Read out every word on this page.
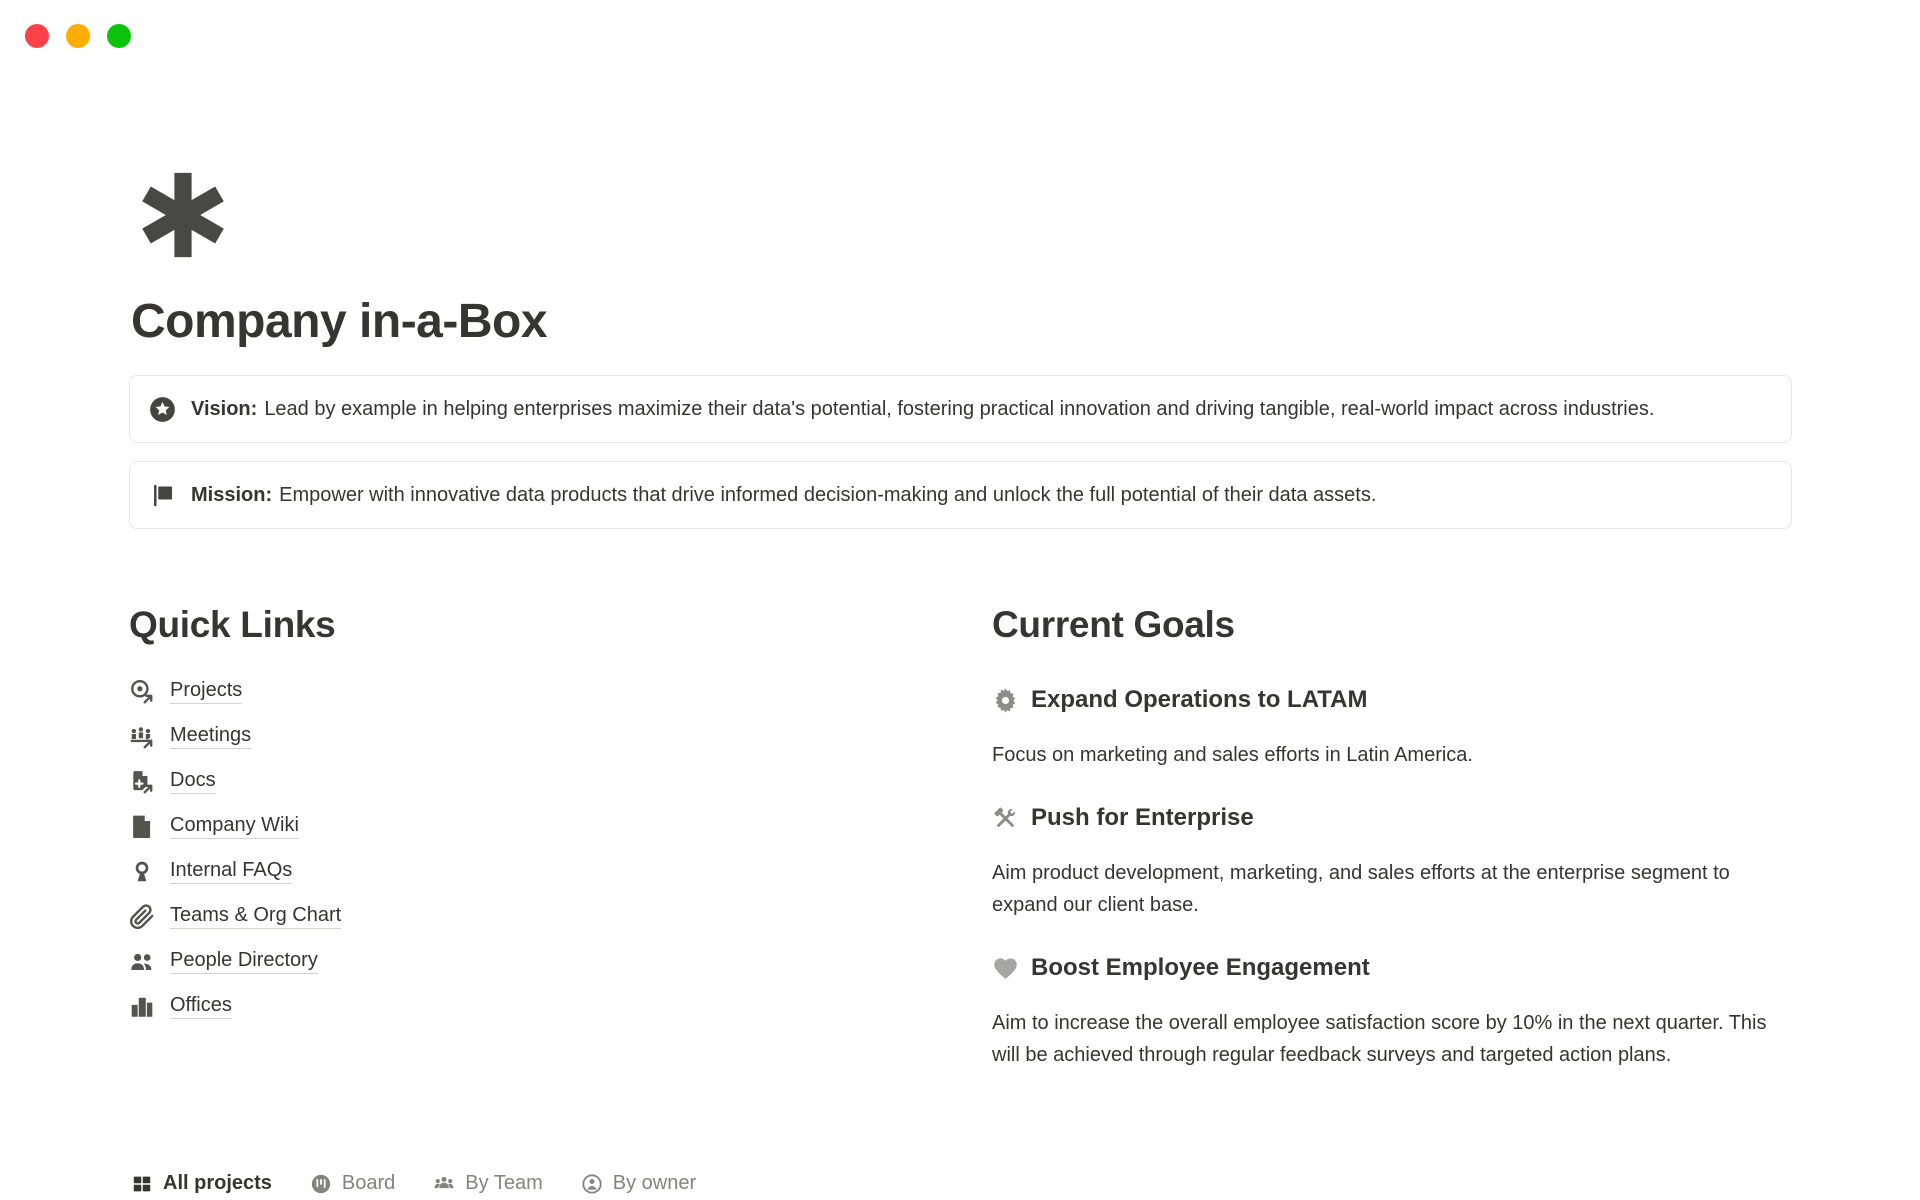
Company in-a-Box
Vision: Lead by example in helping enterprises maximize their data's potential, fostering practical innovation and driving tangible, real-world impact across industries.
Mission: Empower with innovative data products that drive informed decision-making and unlock the full potential of their data assets.
Quick Links
Projects
Meetings
Docs
Company Wiki
Internal FAQs
Teams & Org Chart
People Directory
Offices
Current Goals
Expand Operations to LATAM

Focus on marketing and sales efforts in Latin America.

Push for Enterprise

Aim product development, marketing, and sales efforts at the enterprise segment to expand our client base.

Boost Employee Engagement

Aim to increase the overall employee satisfaction score by 10% in the next quarter. This will be achieved through regular feedback surveys and targeted action plans.

All projects	Board	By Team	By owner
